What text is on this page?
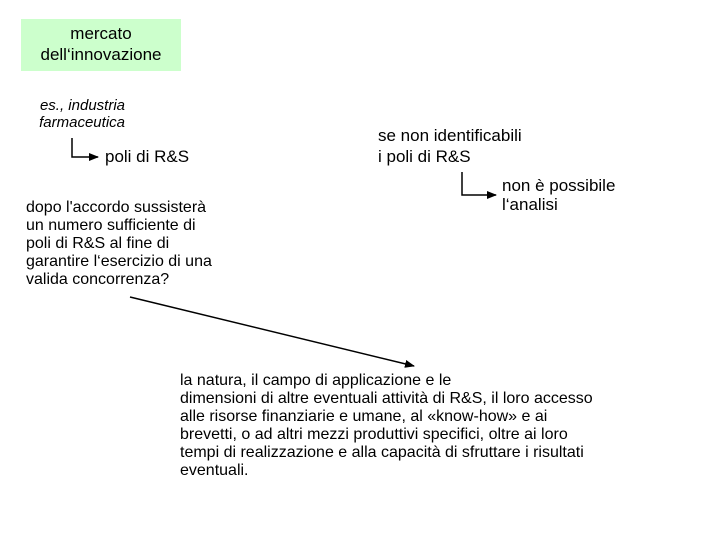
mercato
dell‘innovazione
es., industria
farmaceutica
poli di R&S
dopo l'accordo sussisterà
un numero sufficiente di
poli di R&S al fine di
garantire l‘esercizio di una
valida concorrenza?
se non identificabili
i poli di R&S
non è possibile
l‘analisi
la natura, il campo di applicazione e le
dimensioni di altre eventuali attività di R&S, il loro accesso
alle risorse finanziarie e umane, al «know-how» e ai
brevetti, o ad altri mezzi produttivi specifici, oltre ai loro
tempi di realizzazione e alla capacità di sfruttare i risultati
eventuali.
